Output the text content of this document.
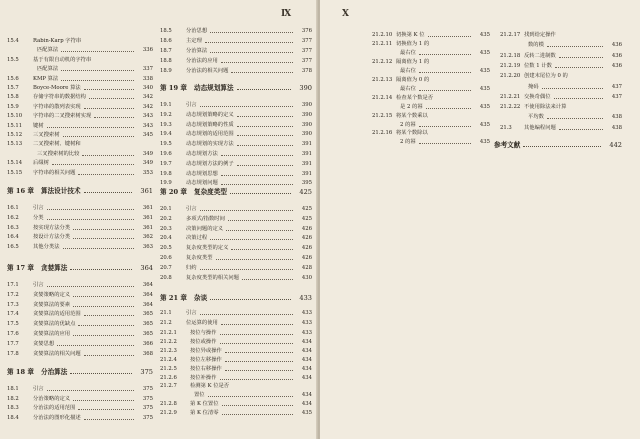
Ⅸ
15.4	Rabin-Karp 字符串
匹配算法	336
15.5	基于有限自动机的字符串
匹配算法	337
15.6	KMP 算法	338
15.7	Boyce-Moore 算法	340
15.8	存储字符串的数据结构	342
15.9	字符串的散列表实现	342
15.10 字符串的二叉搜索树实现	343
15.11 键树	343
15.12 三叉搜索树	345
15.13 二叉搜索树、键树和
三叉搜索树的比较	349
15.14 后缀树	349
15.15 字符串的相关问题	353
第 16 章 算法设计技术	361
16.1	引言	361
16.2	分类	361
16.3	按实现方法分类	361
16.4	按设计方法分类	362
16.5	其他分类法	363
第 17 章 贪婪算法	364
17.1	引言	364
17.2	贪婪策略的定义	364
17.3	贪婪算法的要素	364
17.4	贪婪算法的适用范围	365
17.5	贪婪算法的优缺点	365
17.6	贪婪算法的应用	365
17.7	贪婪思想	366
17.8	贪婪算法的相关问题	368
第 18 章 分治算法	375
18.1	引言	375
18.2	分治策略的定义	375
18.3	分治法的适用范围	375
18.4	分治法的图形化描述	375
18.5	分治思想	376
18.6	主定理	377
18.7	分治算法	377
18.8	分治法的应用	377
18.9	分治法的相关问题	378
第 19 章 动态规划算法	390
19.1	引言	390
19.2	动态规划策略的定义	390
19.3	动态规划策略的性质	390
19.4	动态规划的适用范围	390
19.5	动态规划的实现方法	391
19.6	动态规划方法	391
19.7	动态规划方法的例子	391
19.8	动态规划思想	391
19.9	动态规划问题	395
第 20 章 复杂度类型	425
20.1	引言	425
20.2	多项式/指数时间	425
20.3	决策问题的定义	426
20.4	决策过程	426
20.5	复杂度类型的定义	426
20.6	复杂度类型	426
20.7	归约	428
20.8	复杂度类型的相关问题	430
第 21 章 杂谈	433
21.1	引言	433
21.2	位运算的使用	433
21.2.1 按位与操作	433
21.2.2 按位或操作	434
21.2.3 按位异或操作	434
21.2.4 按位左移操作	434
21.2.5 按位右移操作	434
21.2.6 按位补操作	434
21.2.7 检测第 K 位是否
置位	434
21.2.8 第 K 位置位	434
21.2.9 第 K 位清零	435
Ⅹ
21.2.10 切换第 K 位	435
21.2.11 切换值为 1 的
最右位	435
21.2.12 隔离值为 1 的
最右位	435
21.2.13 隔离值为 0 的
最右位	435
21.2.14 检查某个数是否
是 2 的幂	435
21.2.15 将某个数乘以
2 的幂	435
21.2.16 将某个数除以
2 的幂	435
21.2.17 找到给定操作
数的模	436
21.2.18 反转二进制数	436
21.2.19 位数 1 计数	436
21.2.20 创建末尾位为 0 的
掩码	437
21.2.21 交换奇偶位	437
21.2.22 不使用除法来计算
平均数	438
21.3 其他编程问题	438
参考文献	442
